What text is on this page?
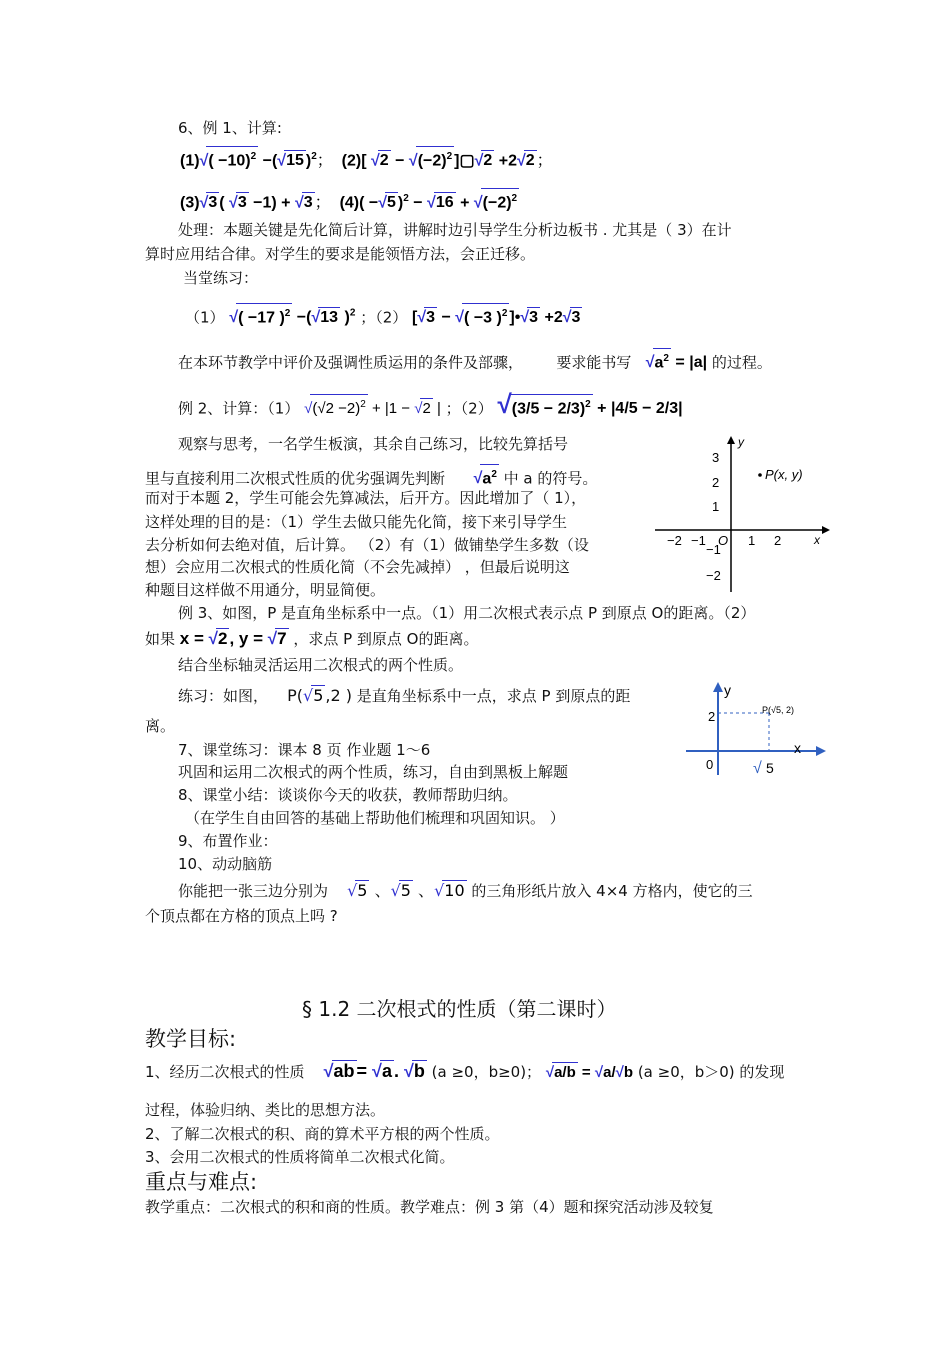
6、例 1、计算:
$(1)√( -10)^2 -(√15$ )$^2$；  (2)[ $√2 - √(-2)^2$ ]▢√2 +2√2 ；
(3)√3 ( √3 −1) + √3 ；  (4)( −√5 )$^2 - √16 + √(-2)^2$
处理：本题关键是先化简后计算，讲解时边引导学生分析边板书 . 尤其是（ 3）在计
算时应用结合律。对学生的要求是能领悟方法，会正迁移。
当堂练习：
（1） √( −17 )$^2$ −(√13 )$^2$ ；（2） [√3 − √( −3 )$^2$ ]•√3 +2√3
在本环节教学中评价及强调性质运用的条件及部骤， 要求能书写 $√a^2 = |a|$ 的过程。
例 2、计算：（1） $√(√2 -2)^2 + |1 - √2$ | ；（2） $√(3/5 - 2/3)^2 + |4/5 - 2/3|$
观察与思考，一名学生板演，其余自己练习，比较先算括号
里与直接利用二次根式性质的优劣强调先判断 $√a^2$ 中 a 的符号。
而对于本题 2，学生可能会先算减法，后开方。因此增加了（ 1），
这样处理的目的是：（1）学生去做只能先化简，接下来引导学生
去分析如何去绝对值，后计算。 （2）有（1）做铺垫学生多数（设
想）会应用二次根式的性质化简（不会先减掉） ，但最后说明这
种题目这样做不用通分，明显简便。
例 3、如图，P 是直角坐标系中一点。（1）用二次根式表示点 P 到原点 O的距离。（2）
如果 x = √2 , y = √7 ，求点 P 到原点 O的距离。
结合坐标轴灵活运用二次根式的两个性质。
练习：如图， P(√5 ,2 ) 是直角坐标系中一点，求点 P 到原点的距
离。
7、课堂练习：课本 8 页 作业题 1～6
巩固和运用二次根式的两个性质，练习，自由到黑板上解题
8、课堂小结：谈谈你今天的收获，教师帮助归纳。
（在学生自由回答的基础上帮助他们梳理和巩固知识。 ）
9、布置作业：
10、动动脑筋
你能把一张三边分别为 √5 、√5 、√10 的三角形纸片放入 4×4 方格内，使它的三
个顶点都在方格的顶点上吗 ?
y
x
3
2
1
−1
−2
−2 −1 O 1 2
P(x, y)
y
x
2
0 √ 5
P(√5, 2)
§ 1.2 二次根式的性质（第二课时）
教学目标:
1、经历二次根式的性质 √ab = √a . √b (a ≥0，b≥0)； √a/b = √a/√b (a ≥0，b＞0) 的发现
过程，体验归纳、类比的思想方法。
2、了解二次根式的积、商的算术平方根的两个性质。
3、会用二次根式的性质将简单二次根式化简。
重点与难点:
教学重点：二次根式的积和商的性质。教学难点：例 3 第（4）题和探究活动涉及较复
